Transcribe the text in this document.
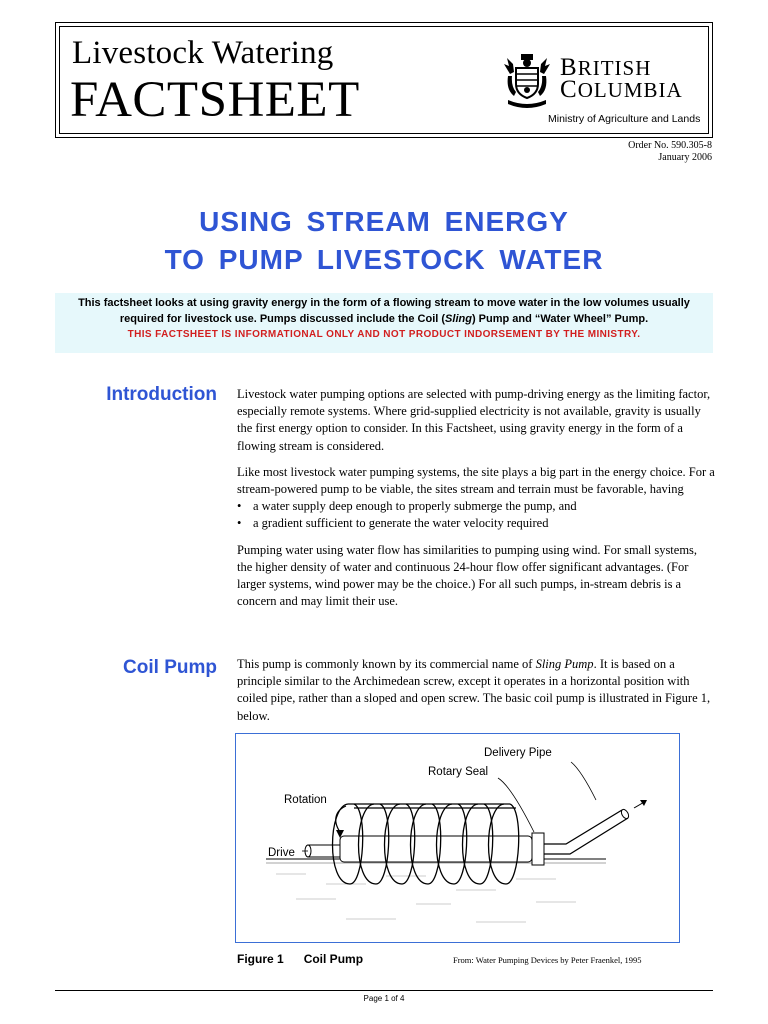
Livestock Watering
FACTSHEET
BRITISH
COLUMBIA
Ministry of Agriculture and Lands
Order No. 590.305-8
January 2006
USING STREAM ENERGY
TO PUMP LIVESTOCK WATER
This factsheet looks at using gravity energy in the form of a flowing stream to move water in the low volumes usually required for livestock use. Pumps discussed include the Coil (Sling) Pump and “Water Wheel” Pump.
THIS FACTSHEET IS INFORMATIONAL ONLY AND NOT PRODUCT INDORSEMENT BY THE MINISTRY.
Introduction Livestock water pumping options are selected with pump-driving energy as the limiting factor, especially remote systems. Where grid-supplied electricity is not available, gravity is usually the first energy option to consider. In this Factsheet, using gravity energy in the form of a flowing stream is considered.

Like most livestock water pumping systems, the site plays a big part in the energy choice. For a stream-powered pump to be viable, the sites stream and terrain must be favorable, having

• a water supply deep enough to properly submerge the pump, and
• a gradient sufficient to generate the water velocity required

Pumping water using water flow has similarities to pumping using wind. For small systems, the higher density of water and continuous 24-hour flow offer significant advantages. (For larger systems, wind power may be the choice.) For all such pumps, in-stream debris is a concern and may limit their use.

Coil Pump This pump is commonly known by its commercial name of Sling Pump. It is based on a principle similar to the Archimedean screw, except it operates in a horizontal position with coiled pipe, rather than a sloped and open screw. The basic coil pump is illustrated in Figure 1, below.

Delivery Pipe
Rotary Seal
Rotation
Drive
Figure 1 Coil Pump	From: Water Pumping Devices by Peter Fraenkel, 1995
Page 1 of 4
